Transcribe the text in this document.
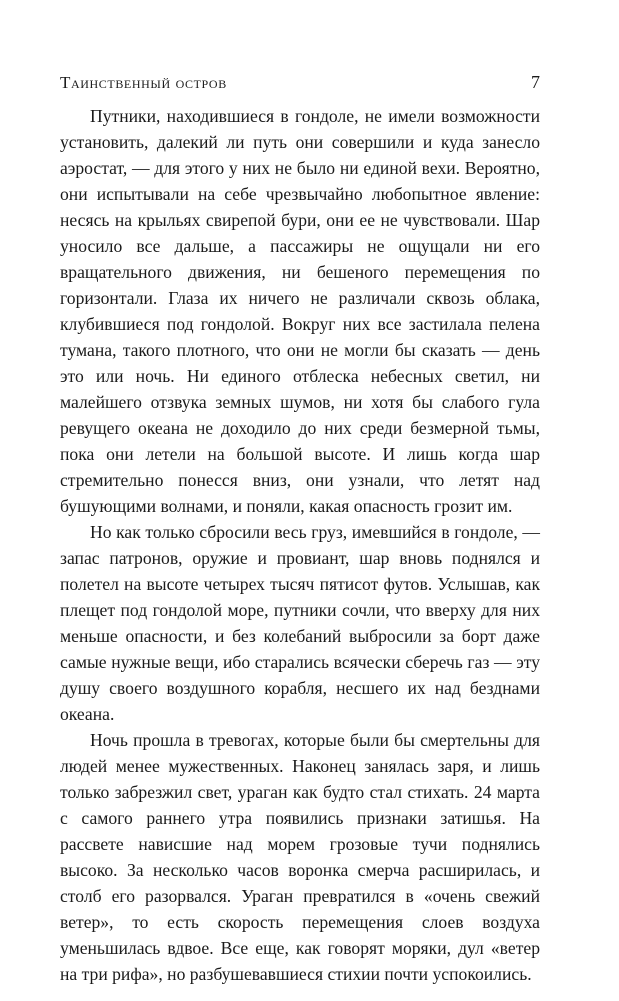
Таинственный остров	7

Путники, находившиеся в гондоле, не имели возможности установить, далекий ли путь они совершили и куда занесло аэростат, — для этого у них не было ни единой вехи. Вероятно, они испытывали на себе чрезвычайно любопытное явление: несясь на крыльях свирепой бури, они ее не чувствовали. Шар уносило все дальше, а пассажиры не ощущали ни его вращательного движения, ни бешеного перемещения по горизонтали. Глаза их ничего не различали сквозь облака, клубившиеся под гондолой. Вокруг них все застилала пелена тумана, такого плотного, что они не могли бы сказать — день это или ночь. Ни единого отблеска небесных светил, ни малейшего отзвука земных шумов, ни хотя бы слабого гула ревущего океана не доходило до них среди безмерной тьмы, пока они летели на большой высоте. И лишь когда шар стремительно понесся вниз, они узнали, что летят над бушующими волнами, и поняли, какая опасность грозит им.

Но как только сбросили весь груз, имевшийся в гондоле, — запас патронов, оружие и провиант, шар вновь поднялся и полетел на высоте четырех тысяч пятисот футов. Услышав, как плещет под гондолой море, путники сочли, что вверху для них меньше опасности, и без колебаний выбросили за борт даже самые нужные вещи, ибо старались всячески сберечь газ — эту душу своего воздушного корабля, несшего их над безднами океана.

Ночь прошла в тревогах, которые были бы смертельны для людей менее мужественных. Наконец занялась заря, и лишь только забрезжил свет, ураган как будто стал стихать. 24 марта с самого раннего утра появились признаки затишья. На рассвете нависшие над морем грозовые тучи поднялись высоко. За несколько часов воронка смерча расширилась, и столб его разорвался. Ураган превратился в «очень свежий ветер», то есть скорость перемещения слоев воздуха уменьшилась вдвое. Все еще, как говорят моряки, дул «ветер на три рифа», но разбушевавшиеся стихии почти успокоились.
